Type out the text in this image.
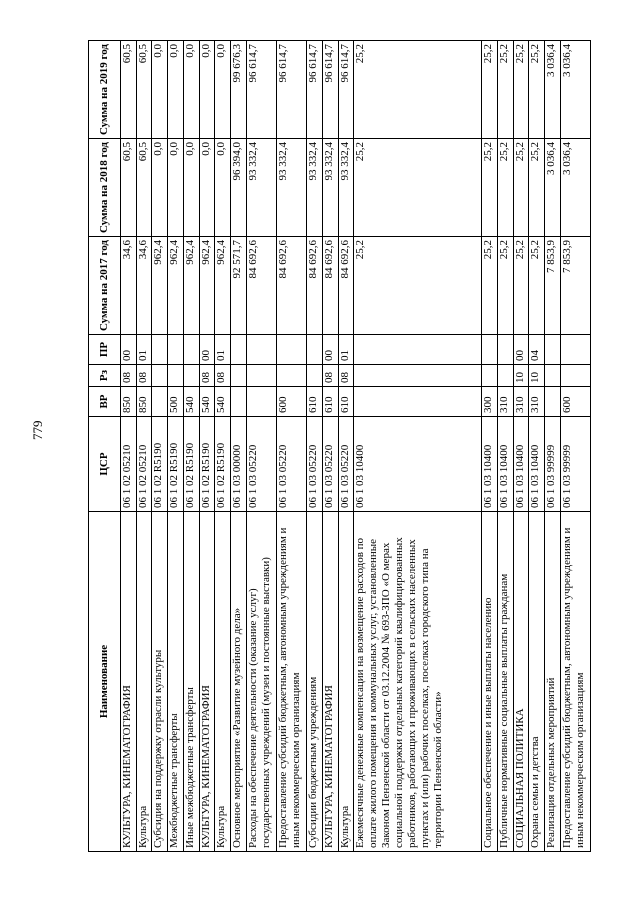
779
Наименование	ЦСР	ВР	Рз	ПР	Сумма на 2017 год	Сумма на 2018 год	Сумма на 2019 год
КУЛЬТУРА, КИНЕМАТОГРАФИЯ	06 1 02 05210	850	08	00	34,6	60,5	60,5
Культура	06 1 02 05210	850	08	01	34,6	60,5	60,5
Субсидия на поддержку отрасли культуры	06 1 02 R5190				962,4	0,0	0,0
Межбюджетные трансферты	06 1 02 R5190	500			962,4	0,0	0,0
Иные межбюджетные трансферты	06 1 02 R5190	540			962,4	0,0	0,0
КУЛЬТУРА, КИНЕМАТОГРАФИЯ	06 1 02 R5190	540	08	00	962,4	0,0	0,0
Культура	06 1 02 R5190	540	08	01	962,4	0,0	0,0
Основное мероприятие «Развитие музейного дела»	06 1 03 00000				92 571,7	96 394,0	99 676,3
Расходы на обеспечение деятельности (оказание услуг) государственных учреждений (музеи и постоянные выставки)	06 1 03 05220				84 692,6	93 332,4	96 614,7
Предоставление субсидий бюджетным, автономным учреждениям и иным некоммерческим организациям	06 1 03 05220	600			84 692,6	93 332,4	96 614,7
Субсидии бюджетным учреждениям	06 1 03 05220	610			84 692,6	93 332,4	96 614,7
КУЛЬТУРА, КИНЕМАТОГРАФИЯ	06 1 03 05220	610	08	00	84 692,6	93 332,4	96 614,7
Культура	06 1 03 05220	610	08	01	84 692,6	93 332,4	96 614,7
Ежемесячные денежные компенсации на возмещение расходов по оплате жилого помещения и коммунальных услуг, установленные Законом Пензенской области от 03.12.2004 № 693-ЗПО «О мерах социальной поддержки отдельных категорий квалифицированных работников, работающих и проживающих в сельских населенных пунктах и (или) рабочих поселках, поселках городского типа на территории Пензенской области»	06 1 03 10400				25,2	25,2	25,2
Социальное обеспечение и иные выплаты населению	06 1 03 10400	300			25,2	25,2	25,2
Публичные нормативные социальные выплаты гражданам	06 1 03 10400	310			25,2	25,2	25,2
СОЦИАЛЬНАЯ ПОЛИТИКА	06 1 03 10400	310	10	00	25,2	25,2	25,2
Охрана семьи и детства	06 1 03 10400	310	10	04	25,2	25,2	25,2
Реализация отдельных мероприятий	06 1 03 99999				7 853,9	3 036,4	3 036,4
Предоставление субсидий бюджетным, автономным учреждениям и иным некоммерческим организациям	06 1 03 99999	600			7 853,9	3 036,4	3 036,4
